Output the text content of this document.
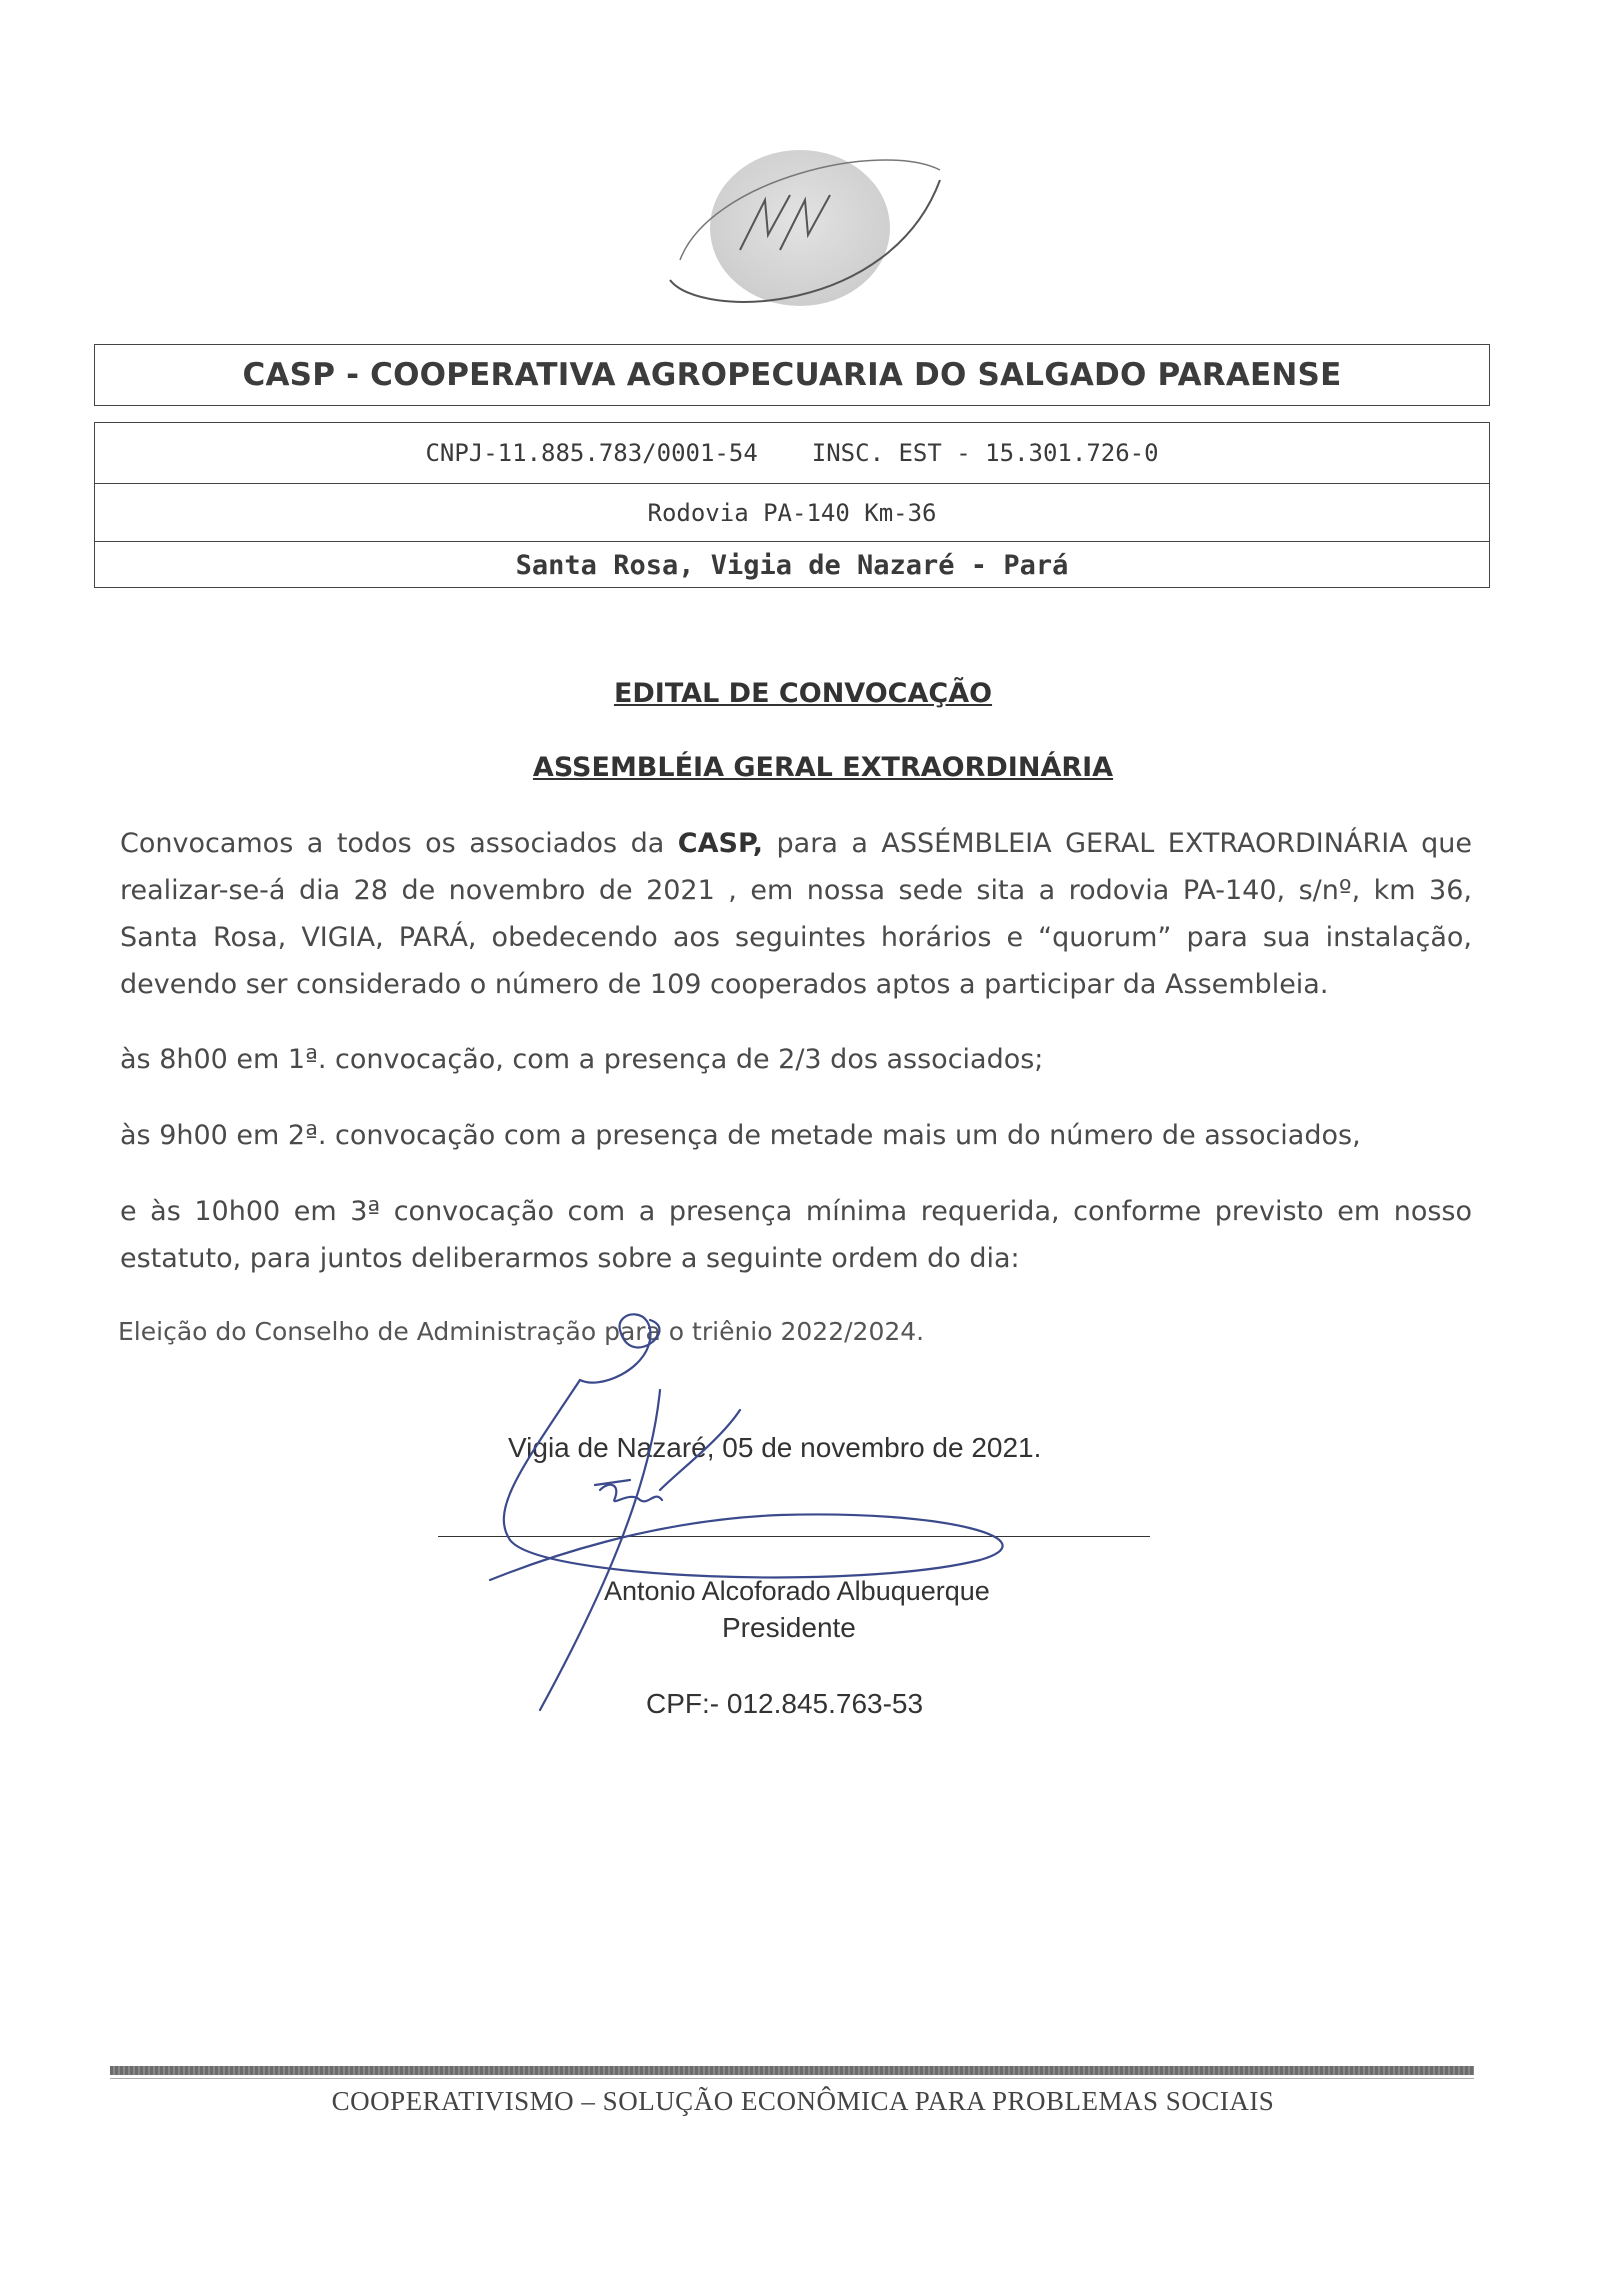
CASP - COOPERATIVA AGROPECUARIA DO SALGADO PARAENSE
CNPJ-11.885.783/0001-54 INSC. EST - 15.301.726-0
Rodovia PA-140 Km-36
Santa Rosa, Vigia de Nazaré - Pará
EDITAL DE CONVOCAÇÃO
ASSEMBLÉIA GERAL EXTRAORDINÁRIA
Convocamos a todos os associados da CASP, para a ASSÉMBLEIA GERAL EXTRAORDINÁRIA que realizar-se-á dia 28 de novembro de 2021 , em nossa sede sita a rodovia PA-140, s/nº, km 36, Santa Rosa, VIGIA, PARÁ, obedecendo aos seguintes horários e “quorum” para sua instalação, devendo ser considerado o número de 109 cooperados aptos a participar da Assembleia.
às 8h00 em 1ª. convocação, com a presença de 2/3 dos associados;
às 9h00 em 2ª. convocação com a presença de metade mais um do número de associados,
e às 10h00 em 3ª convocação com a presença mínima requerida, conforme previsto em nosso estatuto, para juntos deliberarmos sobre a seguinte ordem do dia:
Eleição do Conselho de Administração para o triênio 2022/2024.
Vigia de Nazaré, 05 de novembro de 2021.
Antonio Alcoforado Albuquerque
Presidente
CPF:- 012.845.763-53
COOPERATIVISMO – SOLUÇÃO ECONÔMICA PARA PROBLEMAS SOCIAIS
